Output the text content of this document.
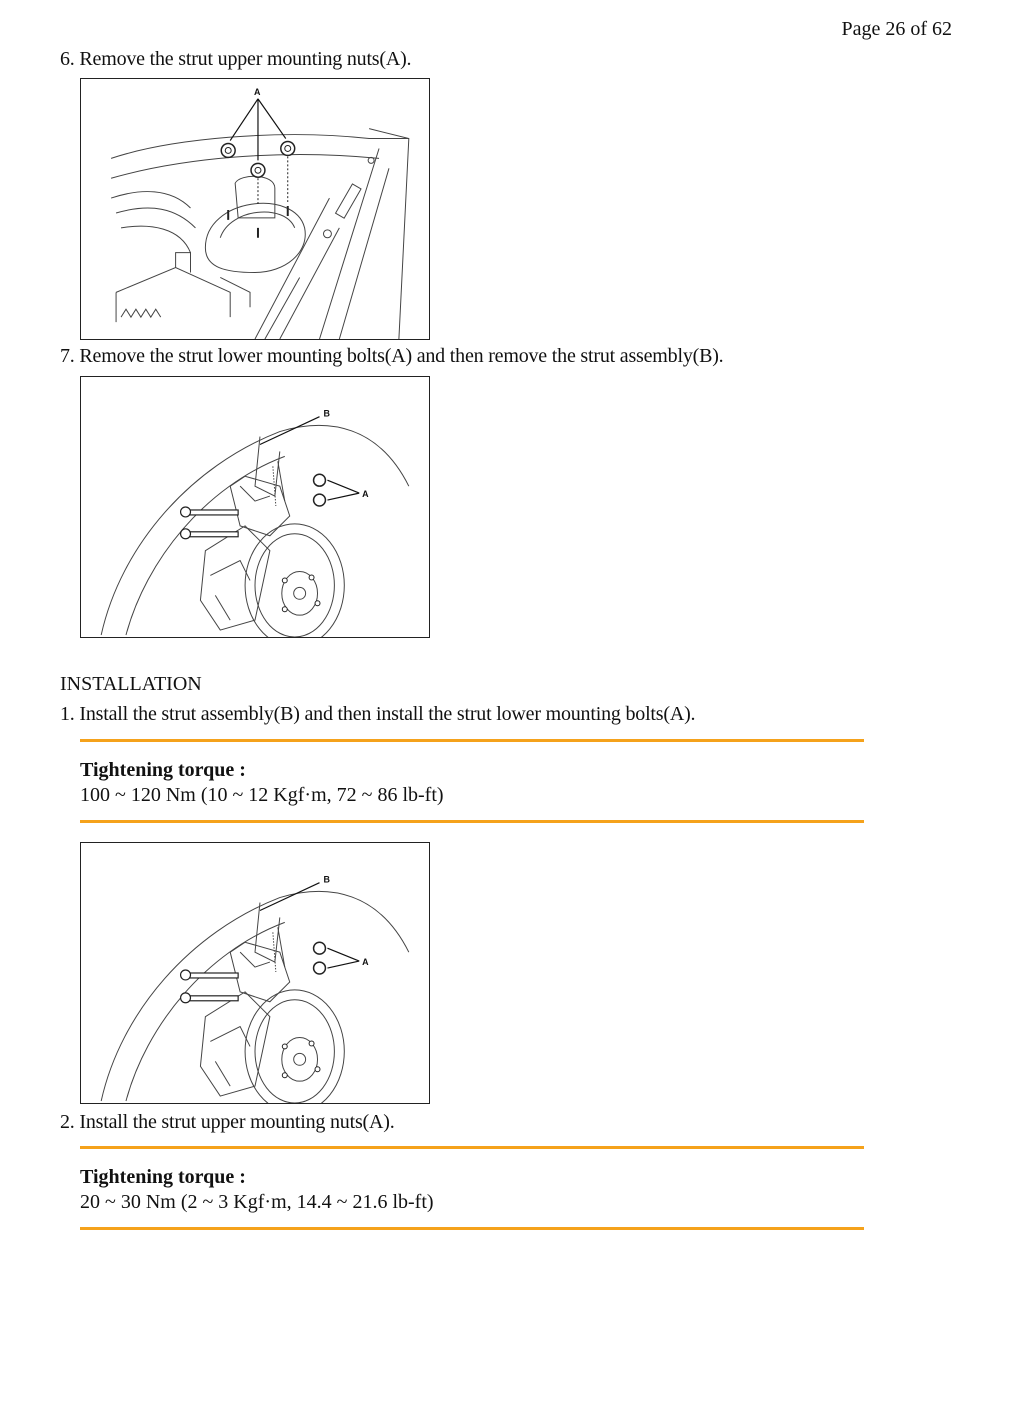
Page 26 of 62
6. Remove the strut upper mounting nuts(A).
A
7. Remove the strut lower mounting bolts(A) and then remove the strut assembly(B).
B
A
INSTALLATION
1. Install the strut assembly(B) and then install the strut lower mounting bolts(A).
Tightening torque :
100 ~ 120 Nm (10 ~ 12 Kgf·m, 72 ~ 86 lb-ft)
B
A
2. Install the strut upper mounting nuts(A).
Tightening torque :
20 ~ 30 Nm (2 ~ 3 Kgf·m, 14.4 ~ 21.6 lb-ft)
